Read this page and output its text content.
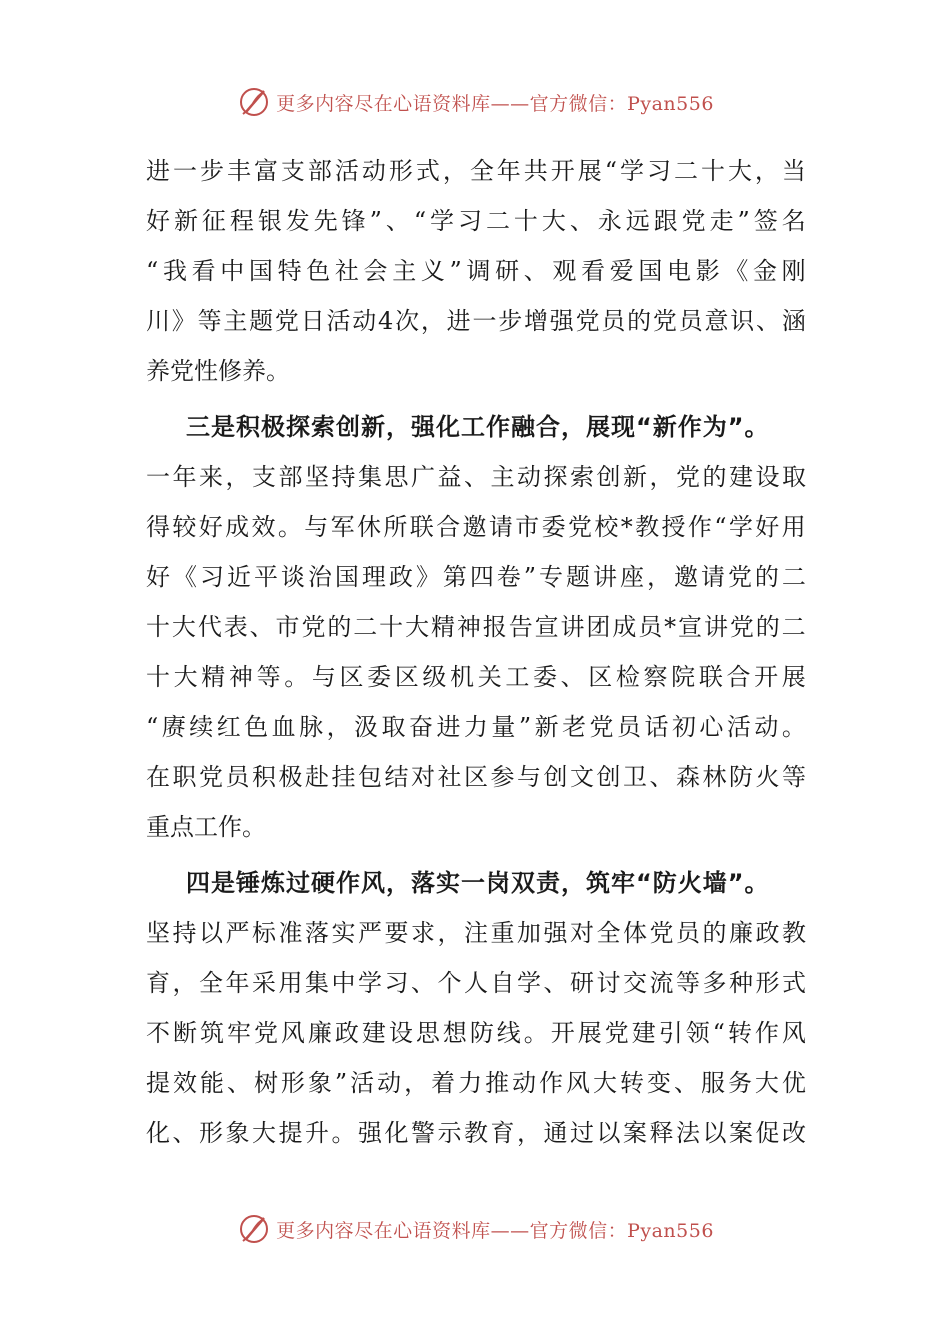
更多内容尽在心语资料库——官方微信：Pyan556
进 一 步 丰 富 支 部 活 动 形 式 ， 全 年 共 开 展 “ 学 习 二 十 大 ， 当
好 新 征 程 银 发 先 锋 ” 、 “ 学 习 二 十 大 、 永 远 跟 党 走 ” 签 名
“ 我 看 中 国 特 色 社 会 主 义 ” 调 研 、 观 看 爱 国 电 影 《 金 刚
川 》 等 主 题 党 日 活 动 4 次 ， 进 一 步 增 强 党 员 的 党 员 意 识 、 涵
养党性修养。
三是积极探索创新，强化工作融合，展现“新作为”。
一 年 来 ， 支 部 坚 持 集 思 广 益 、 主 动 探 索 创 新 ， 党 的 建 设 取
得 较 好 成 效 。 与 军 休 所 联 合 邀 请 市 委 党 校 * 教 授 作 “ 学 好 用
好 《 习 近 平 谈 治 国 理 政 》 第 四 卷 ” 专 题 讲 座 ， 邀 请 党 的 二
十 大 代 表 、 市 党 的 二 十 大 精 神 报 告 宣 讲 团 成 员 * 宣 讲 党 的 二
十 大 精 神 等 。 与 区 委 区 级 机 关 工 委 、 区 检 察 院 联 合 开 展
“ 赓 续 红 色 血 脉 ， 汲 取 奋 进 力 量 ” 新 老 党 员 话 初 心 活 动 。
在 职 党 员 积 极 赴 挂 包 结 对 社 区 参 与 创 文 创 卫 、 森 林 防 火 等
重点工作。
四是锤炼过硬作风，落实一岗双责，筑牢“防火墙”。
坚 持 以 严 标 准 落 实 严 要 求 ， 注 重 加 强 对 全 体 党 员 的 廉 政 教
育 ， 全 年 采 用 集 中 学 习 、 个 人 自 学 、 研 讨 交 流 等 多 种 形 式
不 断 筑 牢 党 风 廉 政 建 设 思 想 防 线 。 开 展 党 建 引 领 “ 转 作 风
提 效 能 、 树 形 象 ” 活 动 ， 着 力 推 动 作 风 大 转 变 、 服 务 大 优
化 、 形 象 大 提 升 。 强 化 警 示 教 育 ， 通 过 以 案 释 法 以 案 促 改
更多内容尽在心语资料库——官方微信：Pyan556
